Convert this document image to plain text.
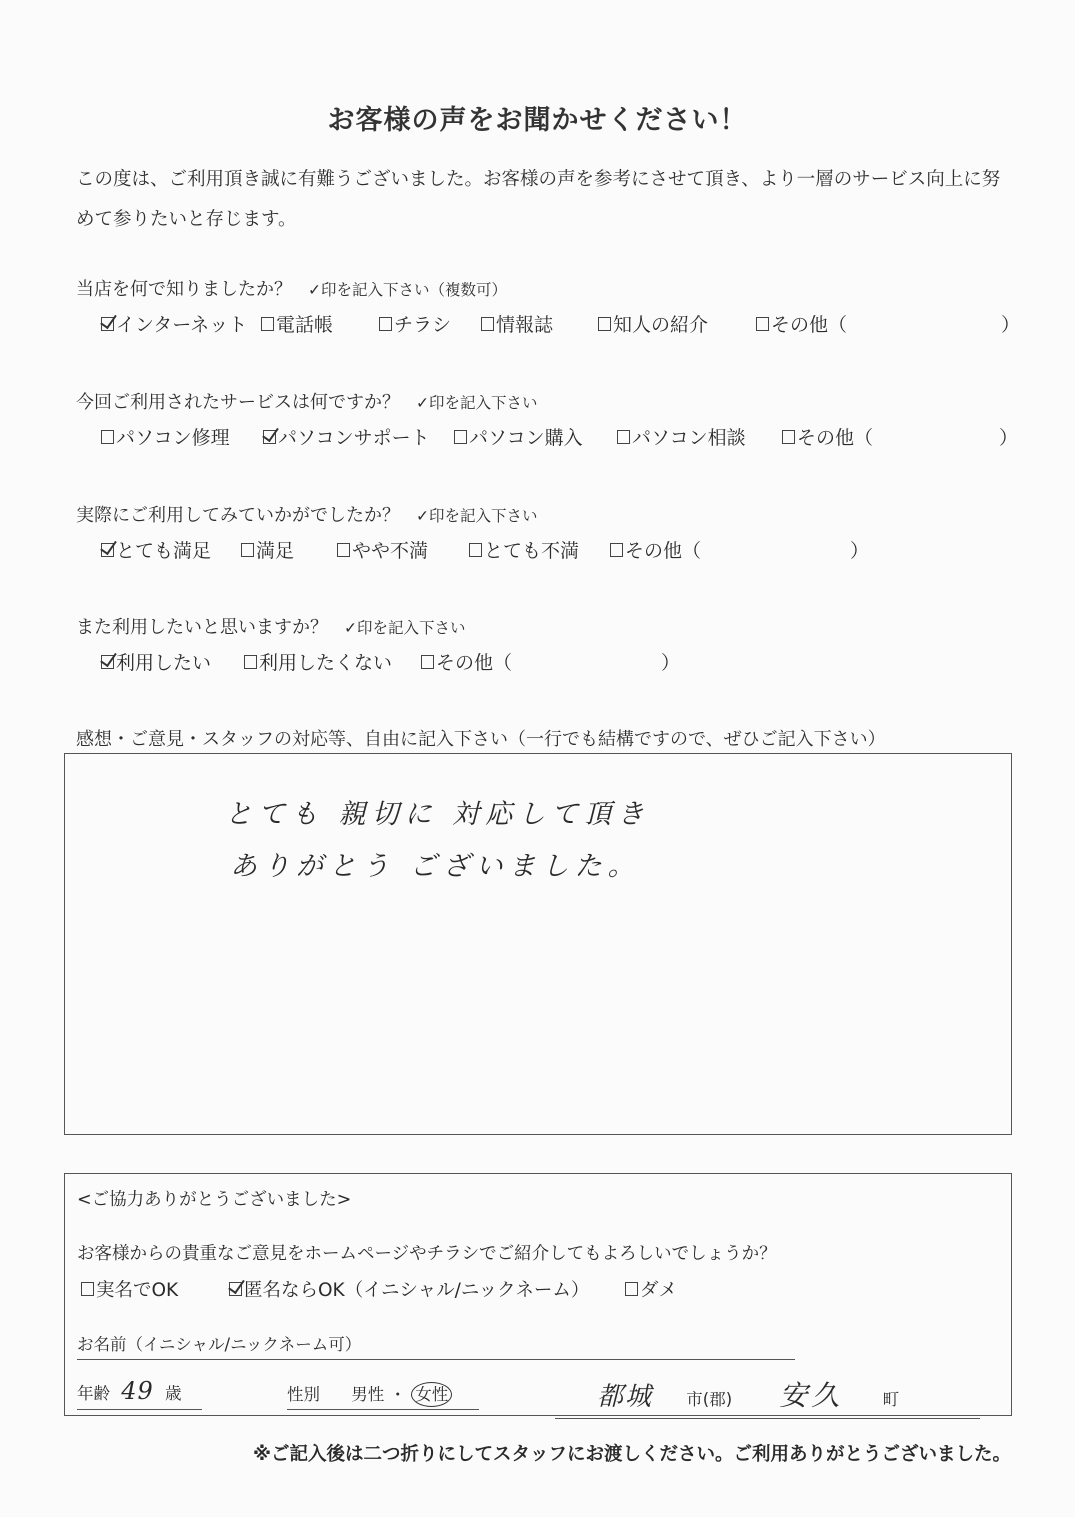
お客様の声をお聞かせください！
この度は、ご利用頂き誠に有難うございました。お客様の声を参考にさせて頂き、より一層のサービス向上に努めて参りたいと存じます。
当店を何で知りましたか？ ✓印を記入下さい（複数可）
インターネット 電話帳	チラシ 情報誌	知人の紹介	その他（	）
今回ご利用されたサービスは何ですか？ ✓印を記入下さい
パソコン修理	パソコンサポート パソコン購入	パソコン相談	その他（	）
実際にご利用してみていかがでしたか？ ✓印を記入下さい
とても満足 満足	やや不満	とても不満 その他（	）
また利用したいと思いますか？ ✓印を記入下さい
利用したい	利用したくない その他（	）
感想・ご意見・スタッフの対応等、自由に記入下さい（一行でも結構ですので、ぜひご記入下さい）
とても 親切に 対応して頂き
ありがとう ございました。
<ご協力ありがとうございました>
お客様からの貴重なご意見をホームページやチラシでご紹介してもよろしいでしょうか？
実名でOK	匿名ならOK（イニシャル/ニックネーム）	ダメ
お名前（イニシャル/ニックネーム可）
年齢 49 歳	性別 男性 ・ 女性	都城 市(郡) 安久 町
※ご記入後は二つ折りにしてスタッフにお渡しください。ご利用ありがとうございました。
